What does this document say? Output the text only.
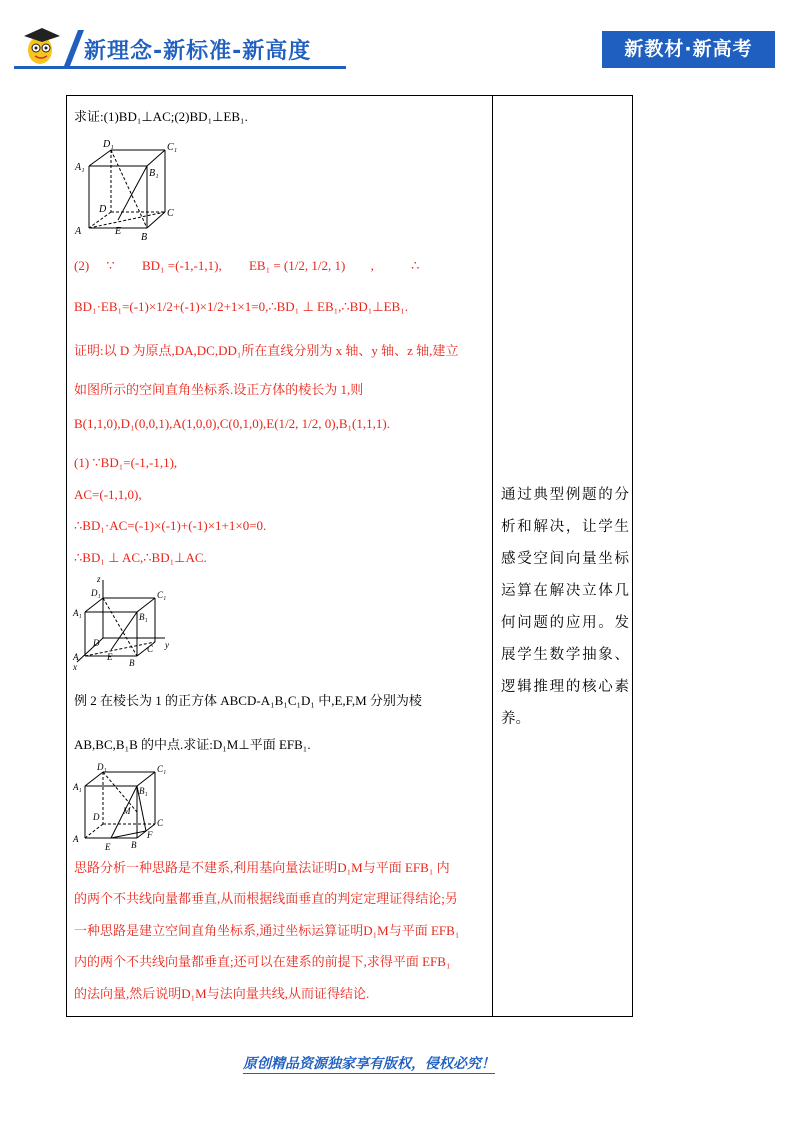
新理念-新标准-新高度	新教材·新高考
求证:(1)BD₁⊥AC;(2)BD₁⊥EB₁.
D₁	C₁
A₁
B₁
D	C
A	E
B
(2) ∵ BD₁ =(-1,-1,1), EB₁ = (1/2, 1/2, 1) ,	∴
BD₁·EB₁=(-1)×1/2+(-1)×1/2+1×1=0,∴BD₁ ⊥ EB₁,∴BD₁⊥EB₁.
证明:以 D 为原点,DA,DC,DD₁所在直线分别为 x 轴、y 轴、z 轴,建立
如图所示的空间直角坐标系.设正方体的棱长为 1,则
B(1,1,0),D₁(0,0,1),A(1,0,0),C(0,1,0),E(1/2, 1/2, 0),B₁(1,1,1).
(1) ∵BD₁=(-1,-1,1),
AC=(-1,1,0),
∴BD₁·AC=(-1)×(-1)+(-1)×1+1×0=0.
∴BD₁ ⊥ AC,∴BD₁⊥AC.
z
D₁	C₁
A₁	B₁
D
A	E
B
C y
x
例 2 在棱长为 1 的正方体 ABCD-A₁B₁C₁D₁ 中,E,F,M 分别为棱
AB,BC,B₁B 的中点.求证:D₁M⊥平面 EFB₁.
D₁	C₁
A₁	B₁
M
D
C
A
E B
F
思路分析一种思路是不建系,利用基向量法证明D₁M与平面 EFB₁ 内
的两个不共线向量都垂直,从而根据线面垂直的判定定理证得结论;另
一种思路是建立空间直角坐标系,通过坐标运算证明D₁M与平面 EFB₁
内的两个不共线向量都垂直;还可以在建系的前提下,求得平面 EFB₁
的法向量,然后说明D₁M与法向量共线,从而证得结论.
通过典型例题的分析和解决，让学生感受空间向量坐标运算在解决立体几何问题的应用。发展学生数学抽象、逻辑推理的核心素养。
原创精品资源独家享有版权，侵权必究！
